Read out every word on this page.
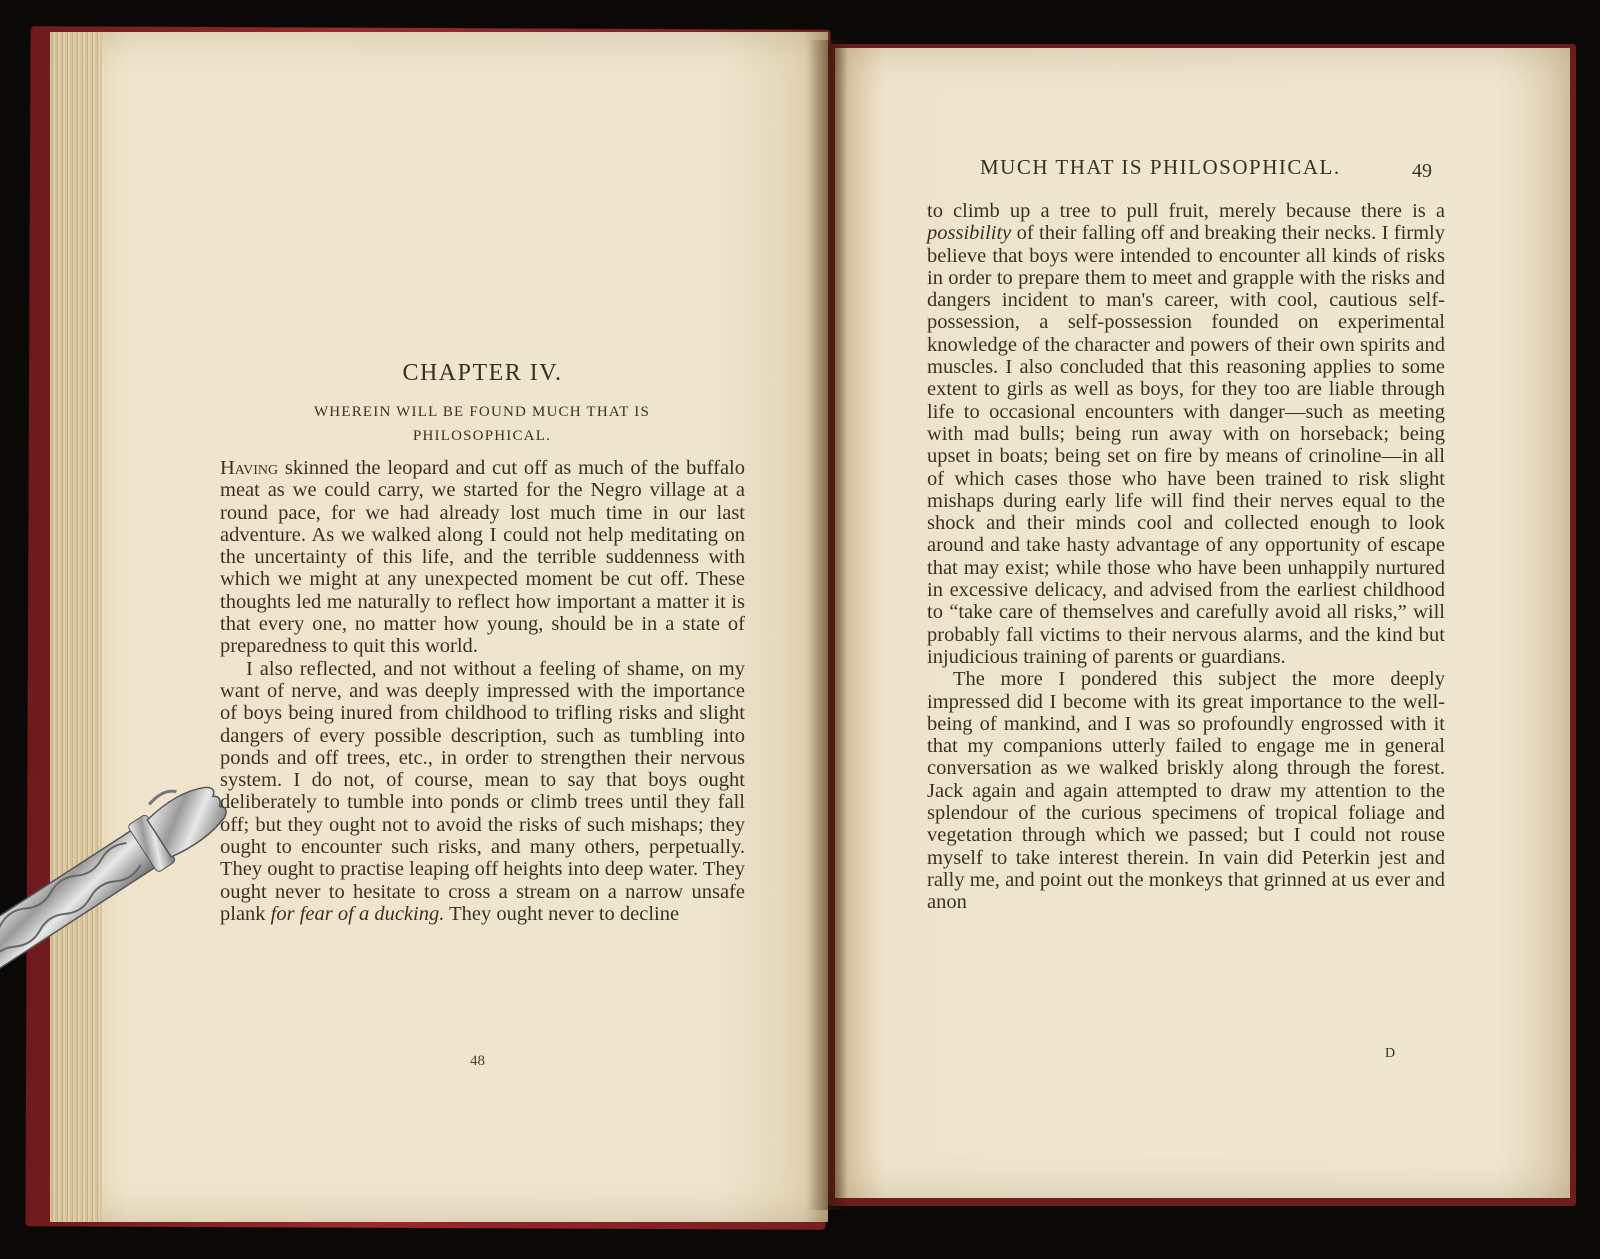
CHAPTER IV.
WHEREIN WILL BE FOUND MUCH THAT IS
PHILOSOPHICAL.

Having skinned the leopard and cut off as much of the buffalo meat as we could carry, we started for the Negro village at a round pace, for we had already lost much time in our last adventure. As we walked along I could not help meditating on the uncertainty of this life, and the terrible suddenness with which we might at any unexpected moment be cut off. These thoughts led me naturally to reflect how important a matter it is that every one, no matter how young, should be in a state of preparedness to quit this world.

I also reflected, and not without a feeling of shame, on my want of nerve, and was deeply impressed with the importance of boys being inured from childhood to trifling risks and slight dangers of every possible description, such as tumbling into ponds and off trees, etc., in order to strengthen their nervous system. I do not, of course, mean to say that boys ought deliberately to tumble into ponds or climb trees until they fall off; but they ought not to avoid the risks of such mishaps; they ought to encounter such risks, and many others, perpetually. They ought to practise leaping off heights into deep water. They ought never to hesitate to cross a stream on a narrow unsafe plank for fear of a ducking. They ought never to decline

48
MUCH THAT IS PHILOSOPHICAL.	49

to climb up a tree to pull fruit, merely because there is a possibility of their falling off and breaking their necks. I firmly believe that boys were intended to encounter all kinds of risks in order to prepare them to meet and grapple with the risks and dangers incident to man's career, with cool, cautious self-possession, a self-possession founded on experimental knowledge of the character and powers of their own spirits and muscles. I also concluded that this reasoning applies to some extent to girls as well as boys, for they too are liable through life to occasional encounters with danger—such as meeting with mad bulls; being run away with on horseback; being upset in boats; being set on fire by means of crinoline—in all of which cases those who have been trained to risk slight mishaps during early life will find their nerves equal to the shock and their minds cool and collected enough to look around and take hasty advantage of any opportunity of escape that may exist; while those who have been unhappily nurtured in excessive delicacy, and advised from the earliest childhood to “take care of themselves and carefully avoid all risks,” will probably fall victims to their nervous alarms, and the kind but injudicious training of parents or guardians.

The more I pondered this subject the more deeply impressed did I become with its great importance to the well-being of mankind, and I was so profoundly engrossed with it that my companions utterly failed to engage me in general conversation as we walked briskly along through the forest. Jack again and again attempted to draw my attention to the splendour of the curious specimens of tropical foliage and vegetation through which we passed; but I could not rouse myself to take interest therein. In vain did Peterkin jest and rally me, and point out the monkeys that grinned at us ever and anon

D
